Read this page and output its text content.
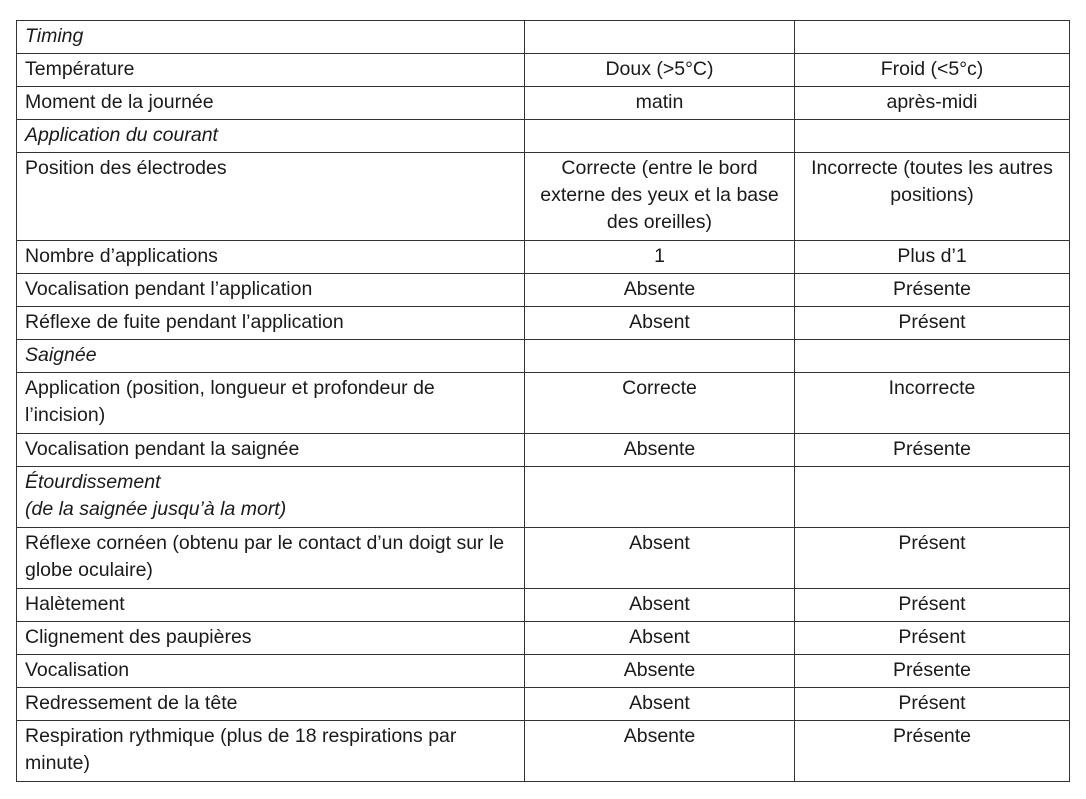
Timing		
Température	Doux (>5°C)	Froid (<5°c)
Moment de la journée	matin	après-midi
Application du courant		
Position des électrodes	Correcte (entre le bord externe des yeux et la base des oreilles)	Incorrecte (toutes les autres positions)
Nombre d’applications	1	Plus d’1
Vocalisation pendant l’application	Absente	Présente
Réflexe de fuite pendant l’application	Absent	Présent
Saignée		
Application (position, longueur et profondeur de l’incision)	Correcte	Incorrecte
Vocalisation pendant la saignée	Absente	Présente
Étourdissement
(de la saignée jusqu’à la mort)		
Réflexe cornéen (obtenu par le contact d’un doigt sur le globe oculaire)	Absent	Présent
Halètement	Absent	Présent
Clignement des paupières	Absent	Présent
Vocalisation	Absente	Présente
Redressement de la tête	Absent	Présent
Respiration rythmique (plus de 18 respirations par minute)	Absente	Présente
